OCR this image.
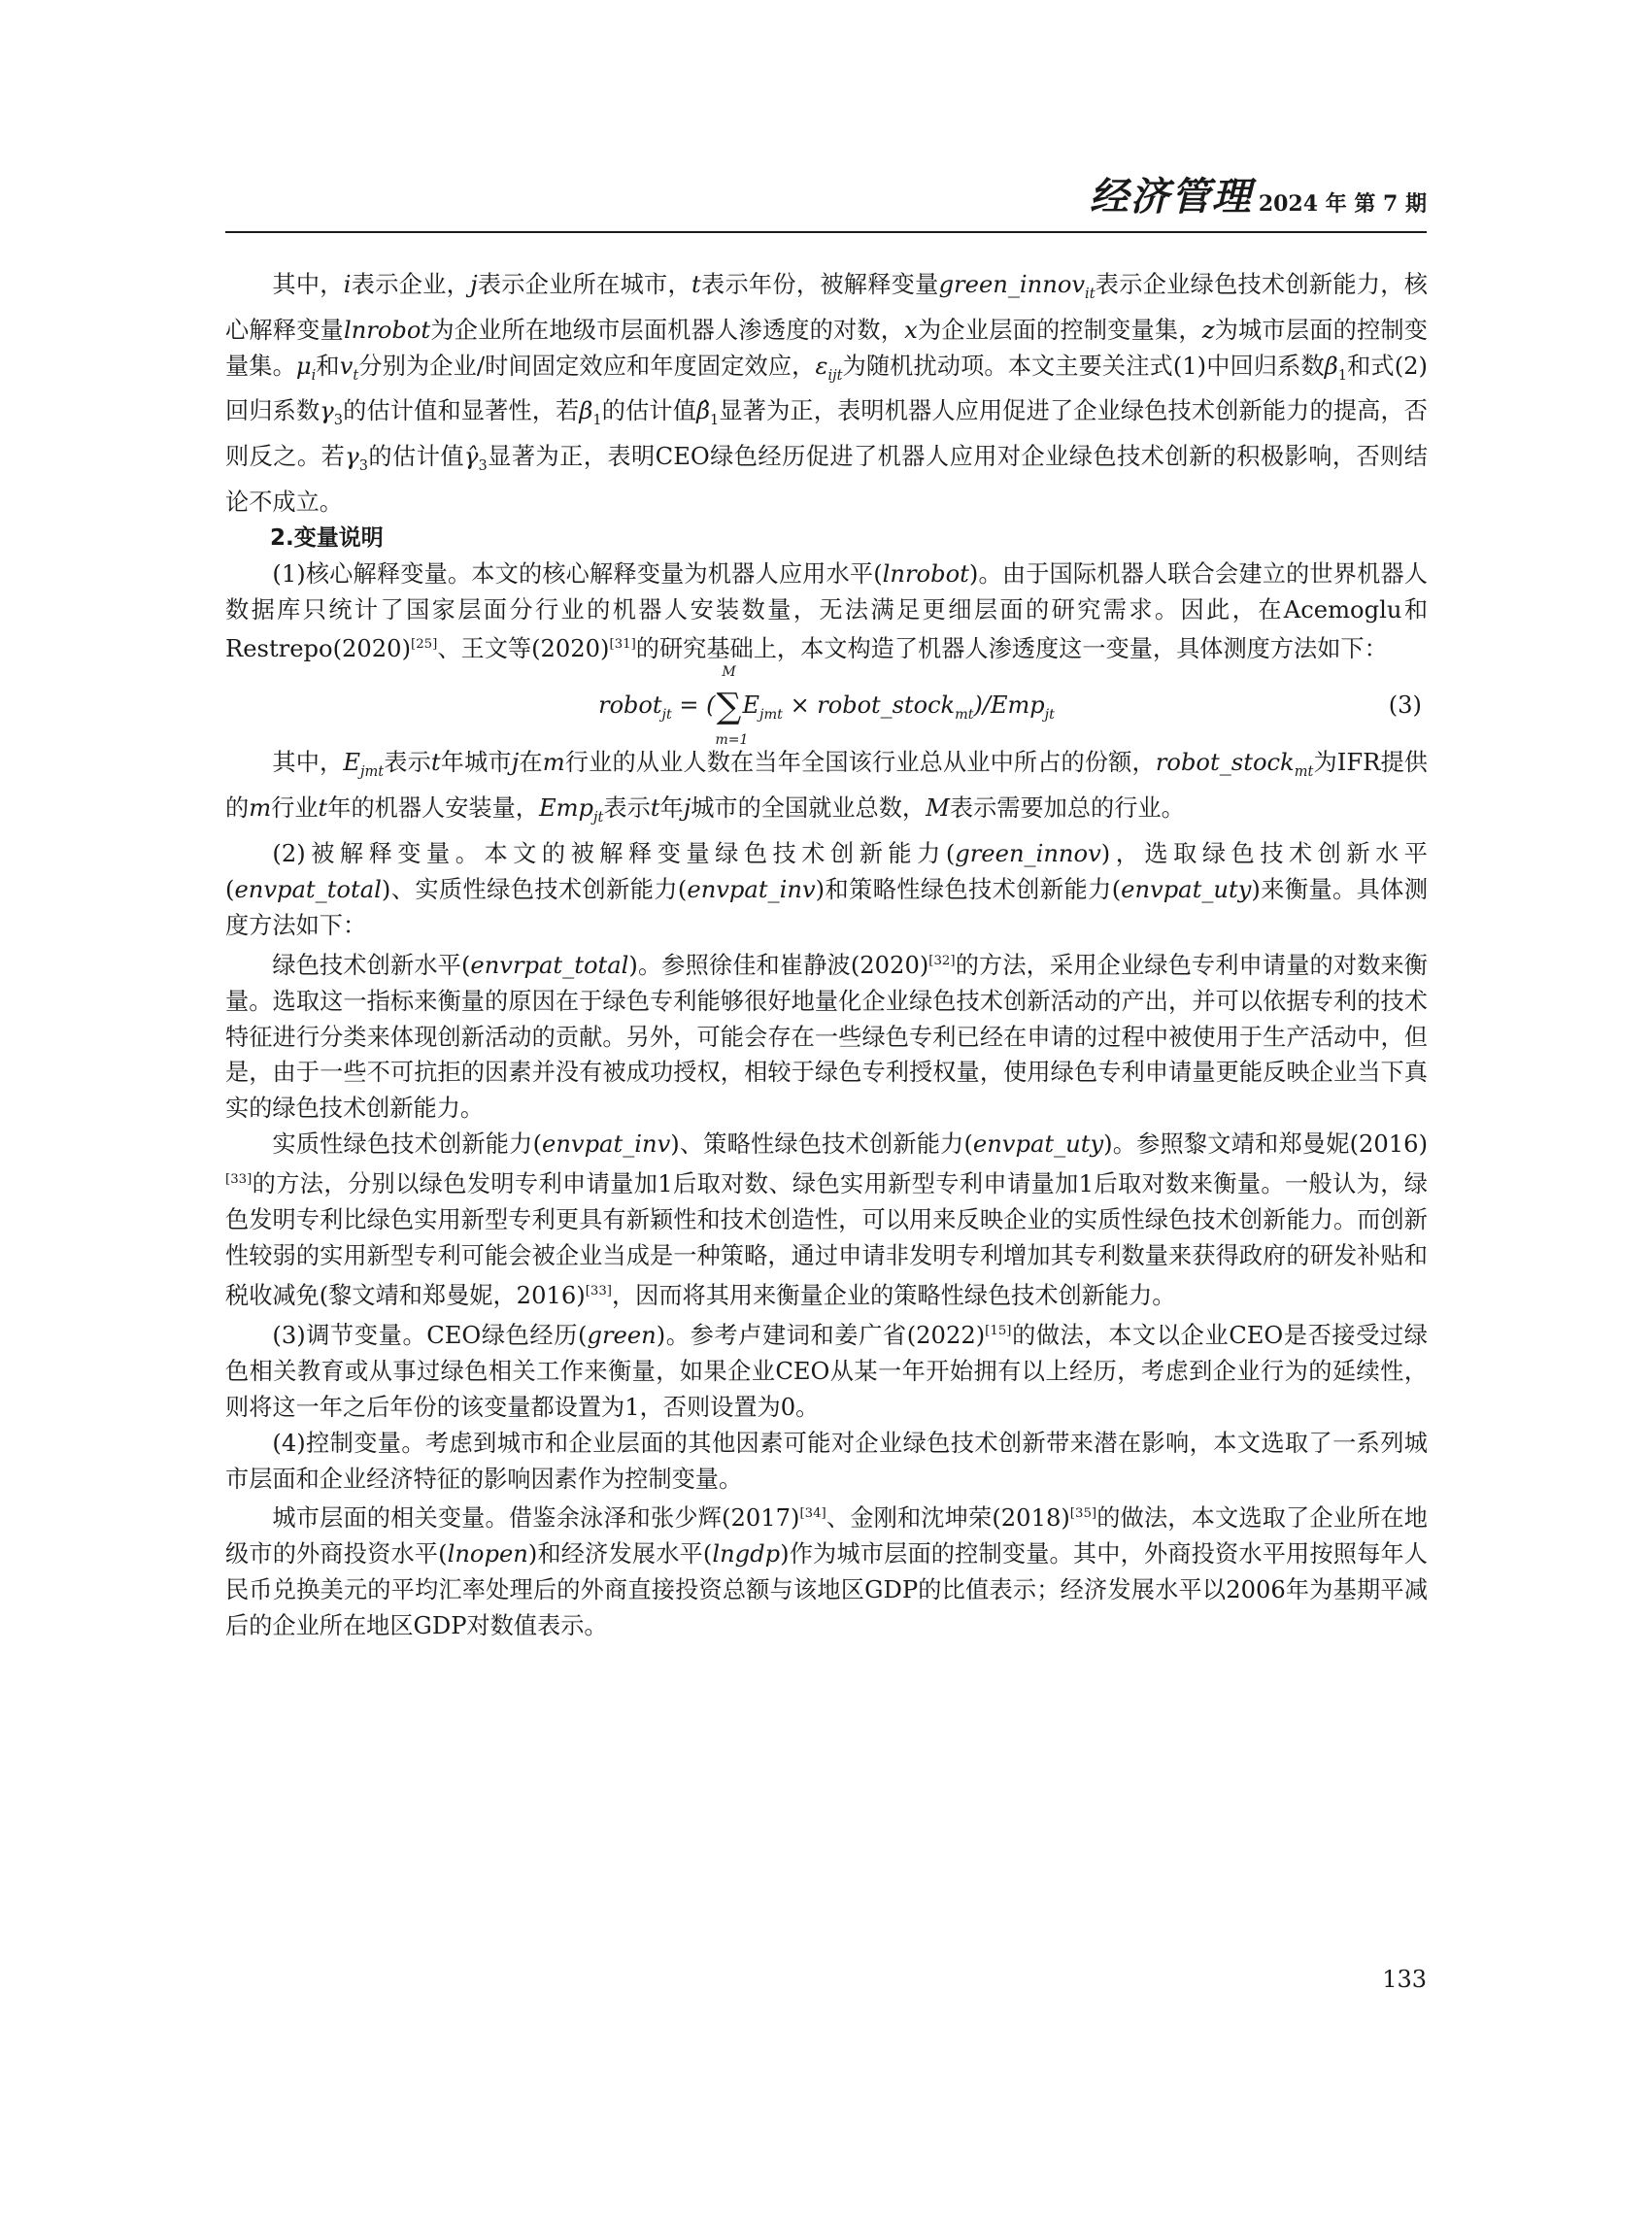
经济管理 2024 年 第 7 期

其中，i表示企业，j表示企业所在城市，t表示年份，被解释变量green_innov$_{it}$表示企业绿色技术创新能力，核心解释变量lnrobot为企业所在地级市层面机器人渗透度的对数，x为企业层面的控制变量集，z为城市层面的控制变量集。$\mu_i$和$v_t$分别为企业/时间固定效应和年度固定效应，$\varepsilon_{ijt}$为随机扰动项。本文主要关注式(1)中回归系数$\beta_1$和式(2)回归系数$\gamma_3$的估计值和显著性，若$\beta_1$的估计值$\betâ_1$显著为正，表明机器人应用促进了企业绿色技术创新能力的提高，否则反之。若$\gamma_3$的估计值$\gammâ_3$显著为正，表明CEO绿色经历促进了机器人应用对企业绿色技术创新的积极影响，否则结论不成立。

2.变量说明

(1)核心解释变量。本文的核心解释变量为机器人应用水平(lnrobot)。由于国际机器人联合会建立的世界机器人数据库只统计了国家层面分行业的机器人安装数量，无法满足更细层面的研究需求。因此，在Acemoglu和Restrepo(2020)[25]、王文等(2020)[31]的研究基础上，本文构造了机器人渗透度这一变量，具体测度方法如下：

robot$_{jt}$ = (∑
M
m=1
$E_{jmt}$ × robot_stock$_{mt}$)/Emp$_{jt}$	(3)

其中，$E_{jmt}$表示t年城市j在m行业的从业人数在当年全国该行业总从业中所占的份额，robot_stock$_{mt}$为IFR提供的m行业t年的机器人安装量，Emp$_{jt}$表示t年j城市的全国就业总数，M表示需要加总的行业。

(2)被解释变量。本文的被解释变量绿色技术创新能力(green_innov)，选取绿色技术创新水平(envpat_total)、实质性绿色技术创新能力(envpat_inv)和策略性绿色技术创新能力(envpat_uty)来衡量。具体测度方法如下：

绿色技术创新水平(envrpat_total)。参照徐佳和崔静波(2020)[32]的方法，采用企业绿色专利申请量的对数来衡量。选取这一指标来衡量的原因在于绿色专利能够很好地量化企业绿色技术创新活动的产出，并可以依据专利的技术特征进行分类来体现创新活动的贡献。另外，可能会存在一些绿色专利已经在申请的过程中被使用于生产活动中，但是，由于一些不可抗拒的因素并没有被成功授权，相较于绿色专利授权量，使用绿色专利申请量更能反映企业当下真实的绿色技术创新能力。

实质性绿色技术创新能力(envpat_inv)、策略性绿色技术创新能力(envpat_uty)。参照黎文靖和郑曼妮(2016)[33]的方法，分别以绿色发明专利申请量加1后取对数、绿色实用新型专利申请量加1后取对数来衡量。一般认为，绿色发明专利比绿色实用新型专利更具有新颖性和技术创造性，可以用来反映企业的实质性绿色技术创新能力。而创新性较弱的实用新型专利可能会被企业当成是一种策略，通过申请非发明专利增加其专利数量来获得政府的研发补贴和税收减免(黎文靖和郑曼妮，2016)[33]，因而将其用来衡量企业的策略性绿色技术创新能力。

(3)调节变量。CEO绿色经历(green)。参考卢建词和姜广省(2022)[15]的做法，本文以企业CEO是否接受过绿色相关教育或从事过绿色相关工作来衡量，如果企业CEO从某一年开始拥有以上经历，考虑到企业行为的延续性，则将这一年之后年份的该变量都设置为1，否则设置为0。

(4)控制变量。考虑到城市和企业层面的其他因素可能对企业绿色技术创新带来潜在影响，本文选取了一系列城市层面和企业经济特征的影响因素作为控制变量。

城市层面的相关变量。借鉴余泳泽和张少辉(2017)[34]、金刚和沈坤荣(2018)[35]的做法，本文选取了企业所在地级市的外商投资水平(lnopen)和经济发展水平(lngdp)作为城市层面的控制变量。其中，外商投资水平用按照每年人民币兑换美元的平均汇率处理后的外商直接投资总额与该地区GDP的比值表示；经济发展水平以2006年为基期平减后的企业所在地区GDP对数值表示。

133
